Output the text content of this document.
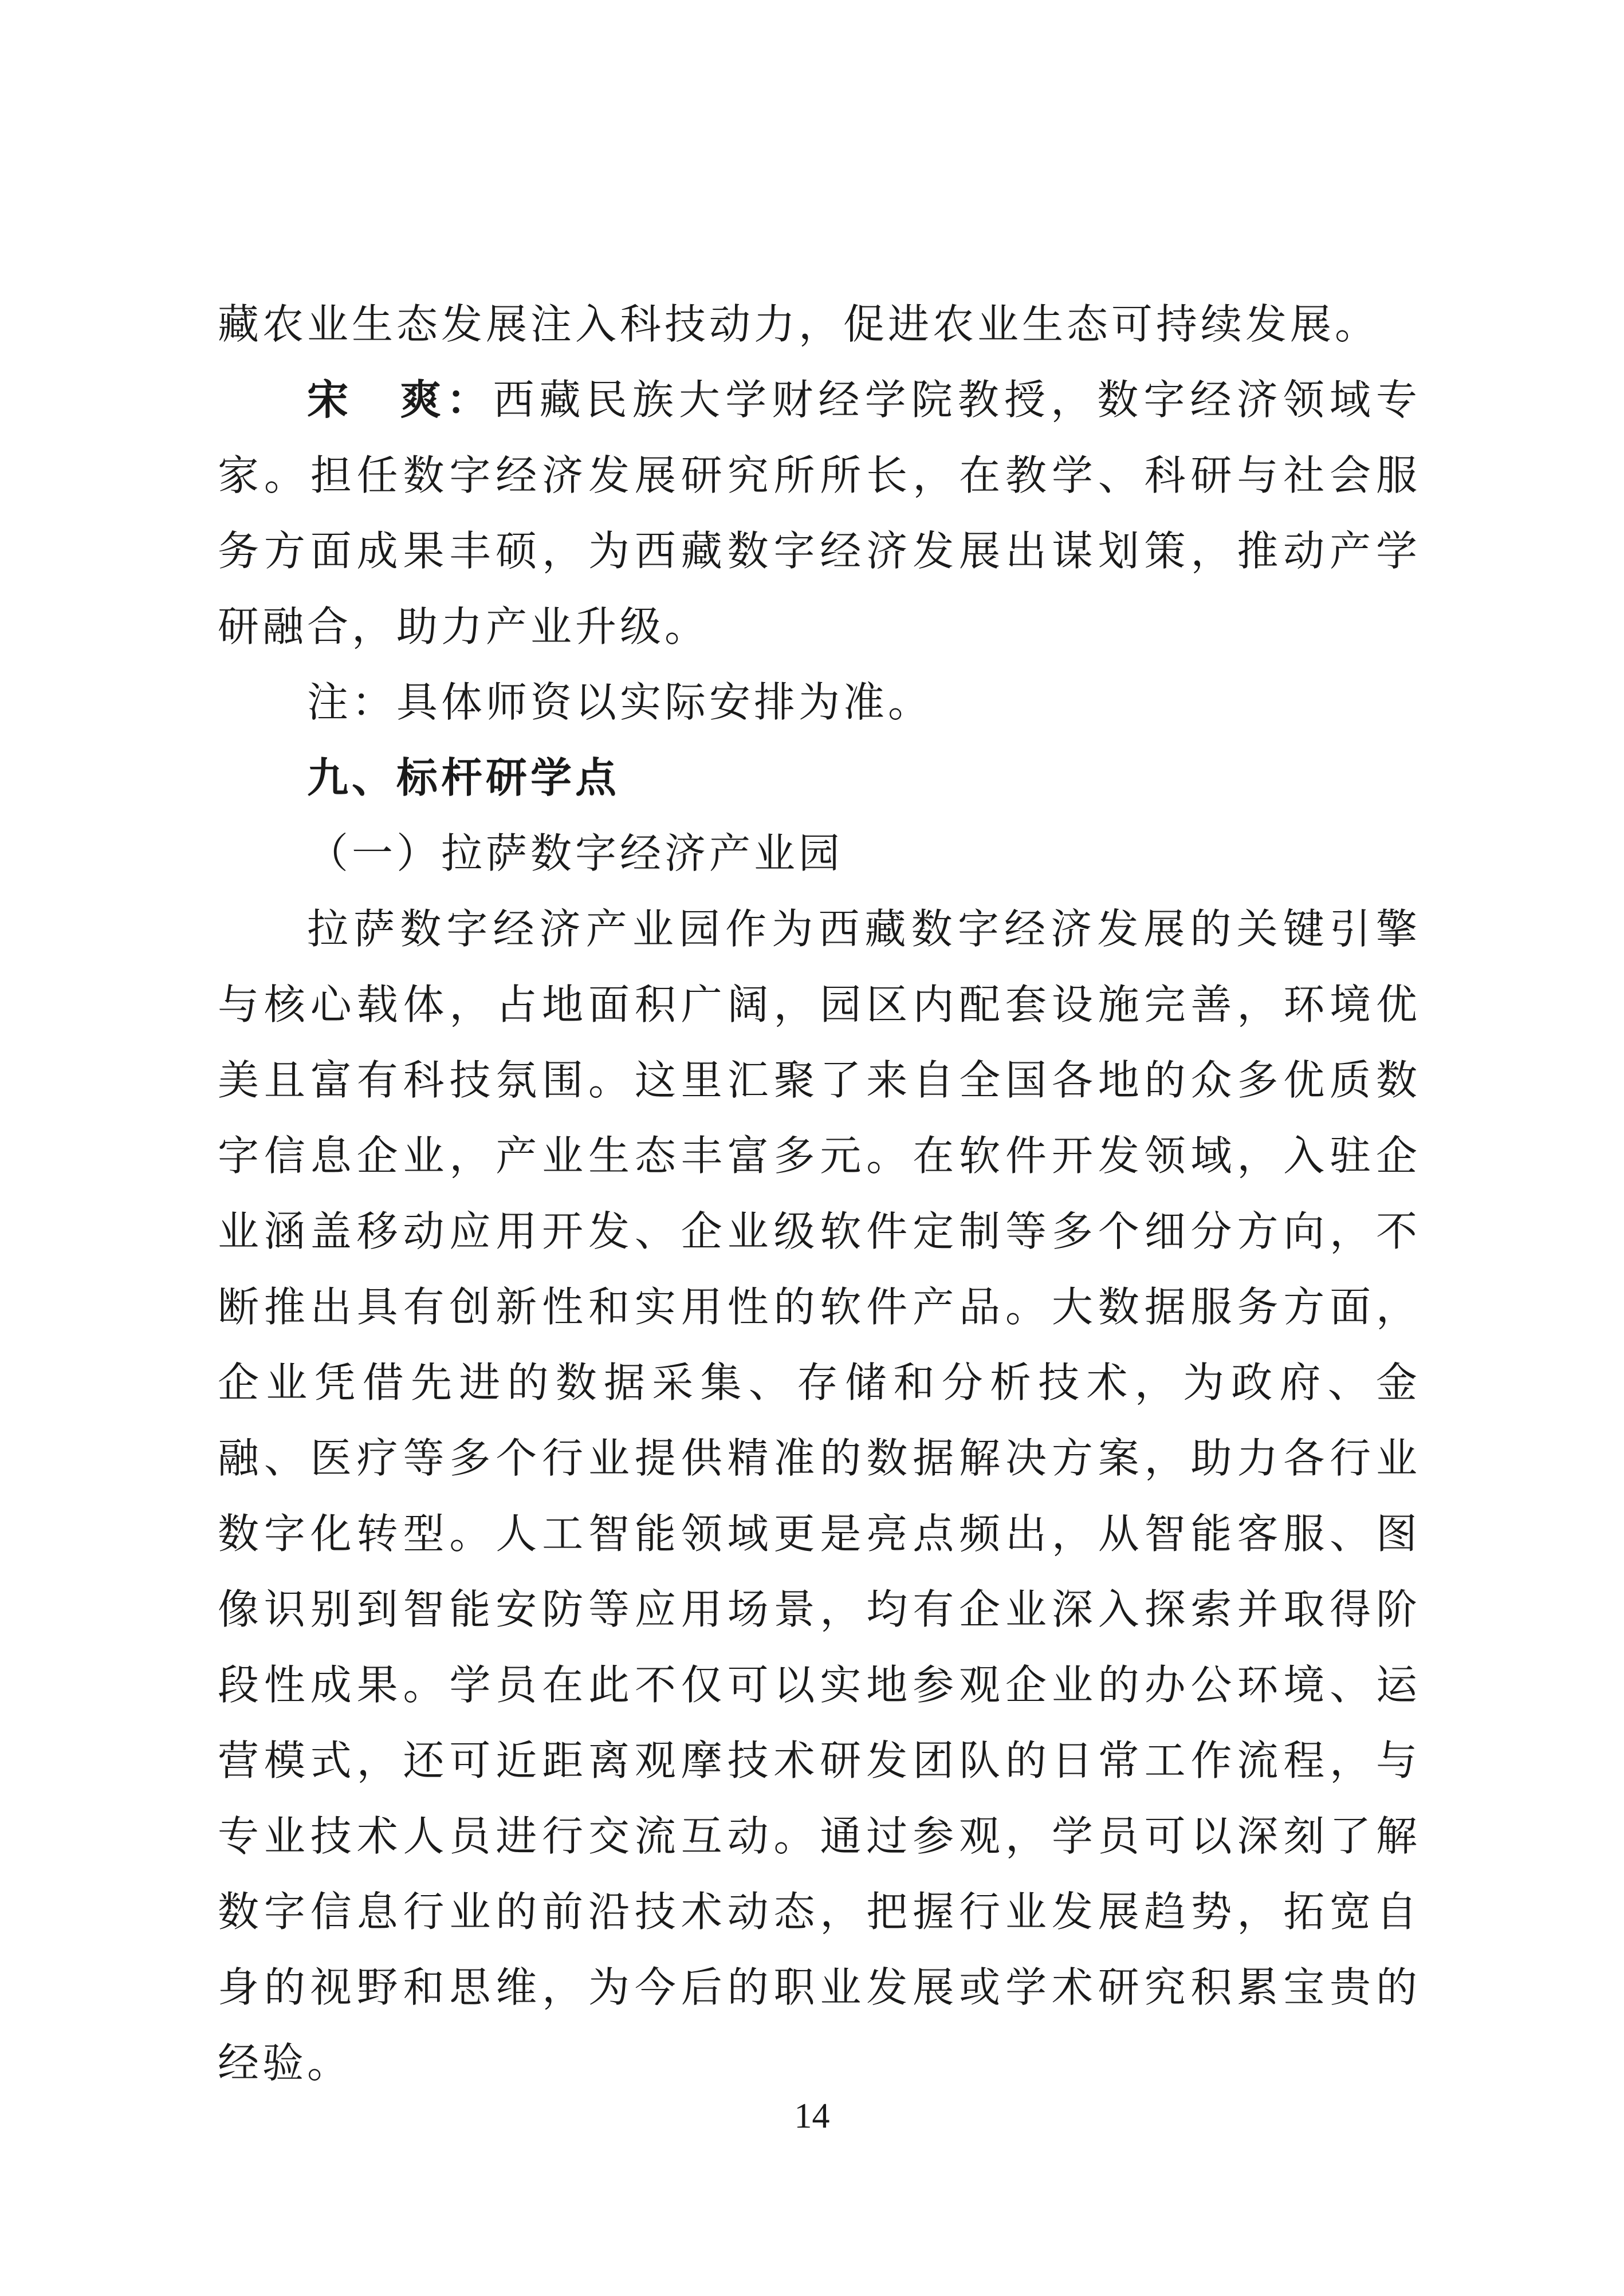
藏农业生态发展注入科技动力，促进农业生态可持续发展。

宋　爽：西藏民族大学财经学院教授，数字经济领域专家。担任数字经济发展研究所所长，在教学、科研与社会服务方面成果丰硕，为西藏数字经济发展出谋划策，推动产学研融合，助力产业升级。

注：具体师资以实际安排为准。

九、标杆研学点

（一）拉萨数字经济产业园

拉萨数字经济产业园作为西藏数字经济发展的关键引擎与核心载体，占地面积广阔，园区内配套设施完善，环境优美且富有科技氛围。这里汇聚了来自全国各地的众多优质数字信息企业，产业生态丰富多元。在软件开发领域，入驻企业涵盖移动应用开发、企业级软件定制等多个细分方向，不断推出具有创新性和实用性的软件产品。大数据服务方面，企业凭借先进的数据采集、存储和分析技术，为政府、金融、医疗等多个行业提供精准的数据解决方案，助力各行业数字化转型。人工智能领域更是亮点频出，从智能客服、图像识别到智能安防等应用场景，均有企业深入探索并取得阶段性成果。学员在此不仅可以实地参观企业的办公环境、运营模式，还可近距离观摩技术研发团队的日常工作流程，与专业技术人员进行交流互动。通过参观，学员可以深刻了解数字信息行业的前沿技术动态，把握行业发展趋势，拓宽自身的视野和思维，为今后的职业发展或学术研究积累宝贵的经验。

14
